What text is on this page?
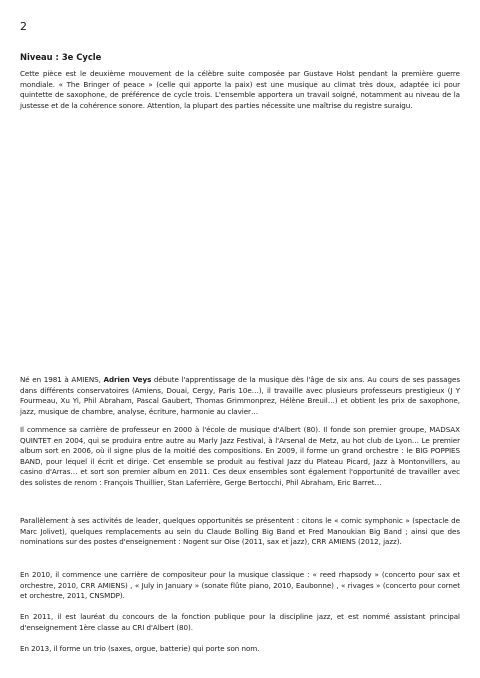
2
Niveau : 3e Cycle

Cette pièce est le deuxième mouvement de la célèbre suite composée par Gustave Holst pendant la première guerre mondiale. « The Bringer of peace » (celle qui apporte la paix) est une musique au climat très doux, adaptée ici pour quintette de saxophone, de préférence de cycle trois. L'ensemble apportera un travail soigné, notamment au niveau de la justesse et de la cohérence sonore. Attention, la plupart des parties nécessite une maîtrise du registre suraigu.

Né en 1981 à AMIENS, Adrien Veys débute l'apprentissage de la musique dès l'âge de six ans. Au cours de ses passages dans différents conservatoires (Amiens, Douai, Cergy, Paris 10e…), il travaille avec plusieurs professeurs prestigieux (J Y Fourmeau, Xu Yi, Phil Abraham, Pascal Gaubert, Thomas Grimmonprez, Hélène Breuil…) et obtient les prix de saxophone, jazz, musique de chambre, analyse, écriture, harmonie au clavier…

Il commence sa carrière de professeur en 2000 à l'école de musique d'Albert (80). Il fonde son premier groupe, MADSAX QUINTET en 2004, qui se produira entre autre au Marly Jazz Festival, à l'Arsenal de Metz, au hot club de Lyon… Le premier album sort en 2006, où il signe plus de la moitié des compositions. En 2009, il forme un grand orchestre : le BIG POPPIES BAND, pour lequel il écrit et dirige. Cet ensemble se produit au festival Jazz du Plateau Picard, Jazz à Montonvillers, au casino d'Arras… et sort son premier album en 2011. Ces deux ensembles sont également l'opportunité de travailler avec des solistes de renom : François Thuillier, Stan Laferrière, Gerge Bertocchi, Phil Abraham, Eric Barret…

Parallèlement à ses activités de leader, quelques opportunités se présentent : citons le « comic symphonic » (spectacle de Marc Jolivet), quelques remplacements au sein du Claude Bolling Big Band et Fred Manoukian Big Band ; ainsi que des nominations sur des postes d'enseignement : Nogent sur Oise (2011, sax et jazz), CRR AMIENS (2012, jazz).

En 2010, il commence une carrière de compositeur pour la musique classique : « reed rhapsody » (concerto pour sax et orchestre, 2010, CRR AMIENS) , « July in January » (sonate flûte piano, 2010, Eaubonne) , « rivages » (concerto pour cornet et orchestre, 2011, CNSMDP).

En 2011, il est lauréat du concours de la fonction publique pour la discipline jazz, et est nommé assistant principal d'enseignement 1ère classe au CRI d'Albert (80).

En 2013, il forme un trio (saxes, orgue, batterie) qui porte son nom.
